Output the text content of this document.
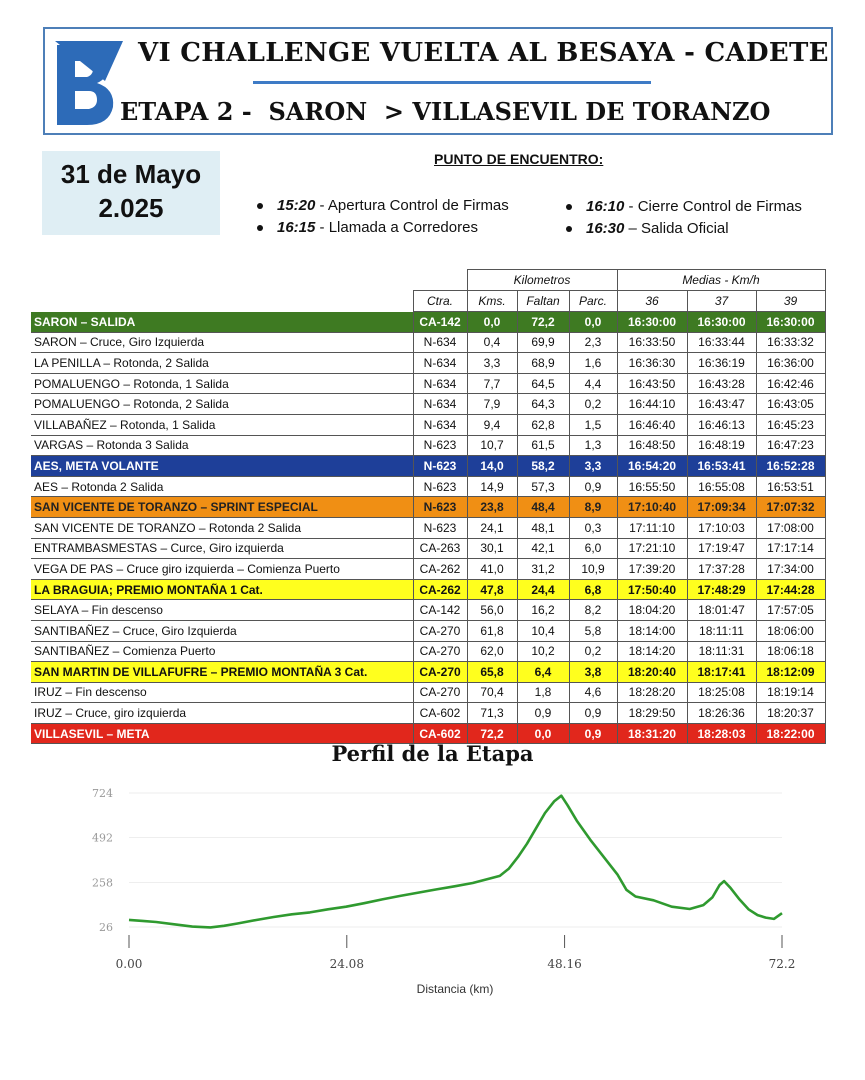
VI CHALLENGE VUELTA AL BESAYA - CADETE
ETAPA 2 -  SARON  > VILLASEVIL DE TORANZO
31 de Mayo
2.025
PUNTO DE ENCUENTRO:
15:20 - Apertura Control de Firmas
16:15 - Llamada a Corredores
16:10 - Cierre Control de Firmas
16:30 – Salida Oficial
		Kilometros			Medias - Km/h		
	Ctra.	Kms.	Faltan	Parc.	36	37	39
SARON – SALIDA	CA-142	0,0	72,2	0,0	16:30:00	16:30:00	16:30:00
SARON – Cruce, Giro Izquierda	N-634	0,4	69,9	2,3	16:33:50	16:33:44	16:33:32
LA PENILLA – Rotonda, 2 Salida	N-634	3,3	68,9	1,6	16:36:30	16:36:19	16:36:00
POMALUENGO – Rotonda, 1 Salida	N-634	7,7	64,5	4,4	16:43:50	16:43:28	16:42:46
POMALUENGO – Rotonda, 2 Salida	N-634	7,9	64,3	0,2	16:44:10	16:43:47	16:43:05
VILLABAÑEZ – Rotonda, 1 Salida	N-634	9,4	62,8	1,5	16:46:40	16:46:13	16:45:23
VARGAS – Rotonda 3 Salida	N-623	10,7	61,5	1,3	16:48:50	16:48:19	16:47:23
AES, META VOLANTE	N-623	14,0	58,2	3,3	16:54:20	16:53:41	16:52:28
AES – Rotonda 2 Salida	N-623	14,9	57,3	0,9	16:55:50	16:55:08	16:53:51
SAN VICENTE DE TORANZO – SPRINT ESPECIAL	N-623	23,8	48,4	8,9	17:10:40	17:09:34	17:07:32
SAN VICENTE DE TORANZO – Rotonda 2 Salida	N-623	24,1	48,1	0,3	17:11:10	17:10:03	17:08:00
ENTRAMBASMESTAS – Curce, Giro izquierda	CA-263	30,1	42,1	6,0	17:21:10	17:19:47	17:17:14
VEGA DE PAS – Cruce giro izquierda – Comienza Puerto	CA-262	41,0	31,2	10,9	17:39:20	17:37:28	17:34:00
LA BRAGUIA; PREMIO MONTAÑA 1 Cat.	CA-262	47,8	24,4	6,8	17:50:40	17:48:29	17:44:28
SELAYA – Fin descenso	CA-142	56,0	16,2	8,2	18:04:20	18:01:47	17:57:05
SANTIBAÑEZ – Cruce, Giro Izquierda	CA-270	61,8	10,4	5,8	18:14:00	18:11:11	18:06:00
SANTIBAÑEZ – Comienza Puerto	CA-270	62,0	10,2	0,2	18:14:20	18:11:31	18:06:18
SAN MARTIN DE VILLAFUFRE – PREMIO MONTAÑA 3 Cat.	CA-270	65,8	6,4	3,8	18:20:40	18:17:41	18:12:09
IRUZ – Fin descenso	CA-270	70,4	1,8	4,6	18:28:20	18:25:08	18:19:14
IRUZ – Cruce, giro izquierda	CA-602	71,3	0,9	0,9	18:29:50	18:26:36	18:20:37
VILLASEVIL – META	CA-602	72,2	0,0	0,9	18:31:20	18:28:03	18:22:00
Perfil de la Etapa
724
492
258
26
0.00	24.08	48.16	72.2
Distancia (km)
